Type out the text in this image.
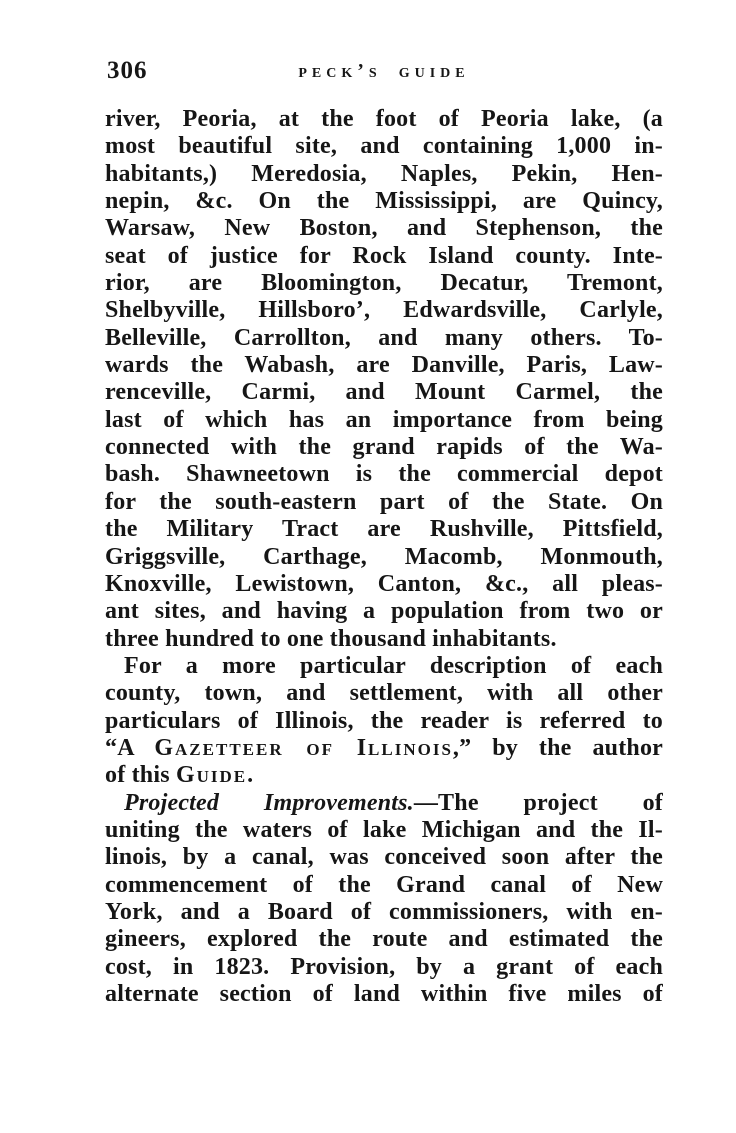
306	peck’s guide
river, Peoria, at the foot of Peoria lake, (a
most beautiful site, and containing 1,000 in-
habitants,) Meredosia, Naples, Pekin, Hen-
nepin, &c. On the Mississippi, are Quincy,
Warsaw, New Boston, and Stephenson, the
seat of justice for Rock Island county. Inte-
rior, are Bloomington, Decatur, Tremont,
Shelbyville, Hillsboro’, Edwardsville, Carlyle,
Belleville, Carrollton, and many others. To-
wards the Wabash, are Danville, Paris, Law-
renceville, Carmi, and Mount Carmel, the
last of which has an importance from being
connected with the grand rapids of the Wa-
bash. Shawneetown is the commercial depot
for the south-eastern part of the State. On
the Military Tract are Rushville, Pittsfield,
Griggsville, Carthage, Macomb, Monmouth,
Knoxville, Lewistown, Canton, &c., all pleas-
ant sites, and having a population from two or
three hundred to one thousand inhabitants.
For a more particular description of each
county, town, and settlement, with all other
particulars of Illinois, the reader is referred to
“A Gazetteer of Illinois,” by the author
of this Guide.
Projected Improvements.—The project of
uniting the waters of lake Michigan and the Il-
linois, by a canal, was conceived soon after the
commencement of the Grand canal of New
York, and a Board of commissioners, with en-
gineers, explored the route and estimated the
cost, in 1823. Provision, by a grant of each
alternate section of land within five miles of
